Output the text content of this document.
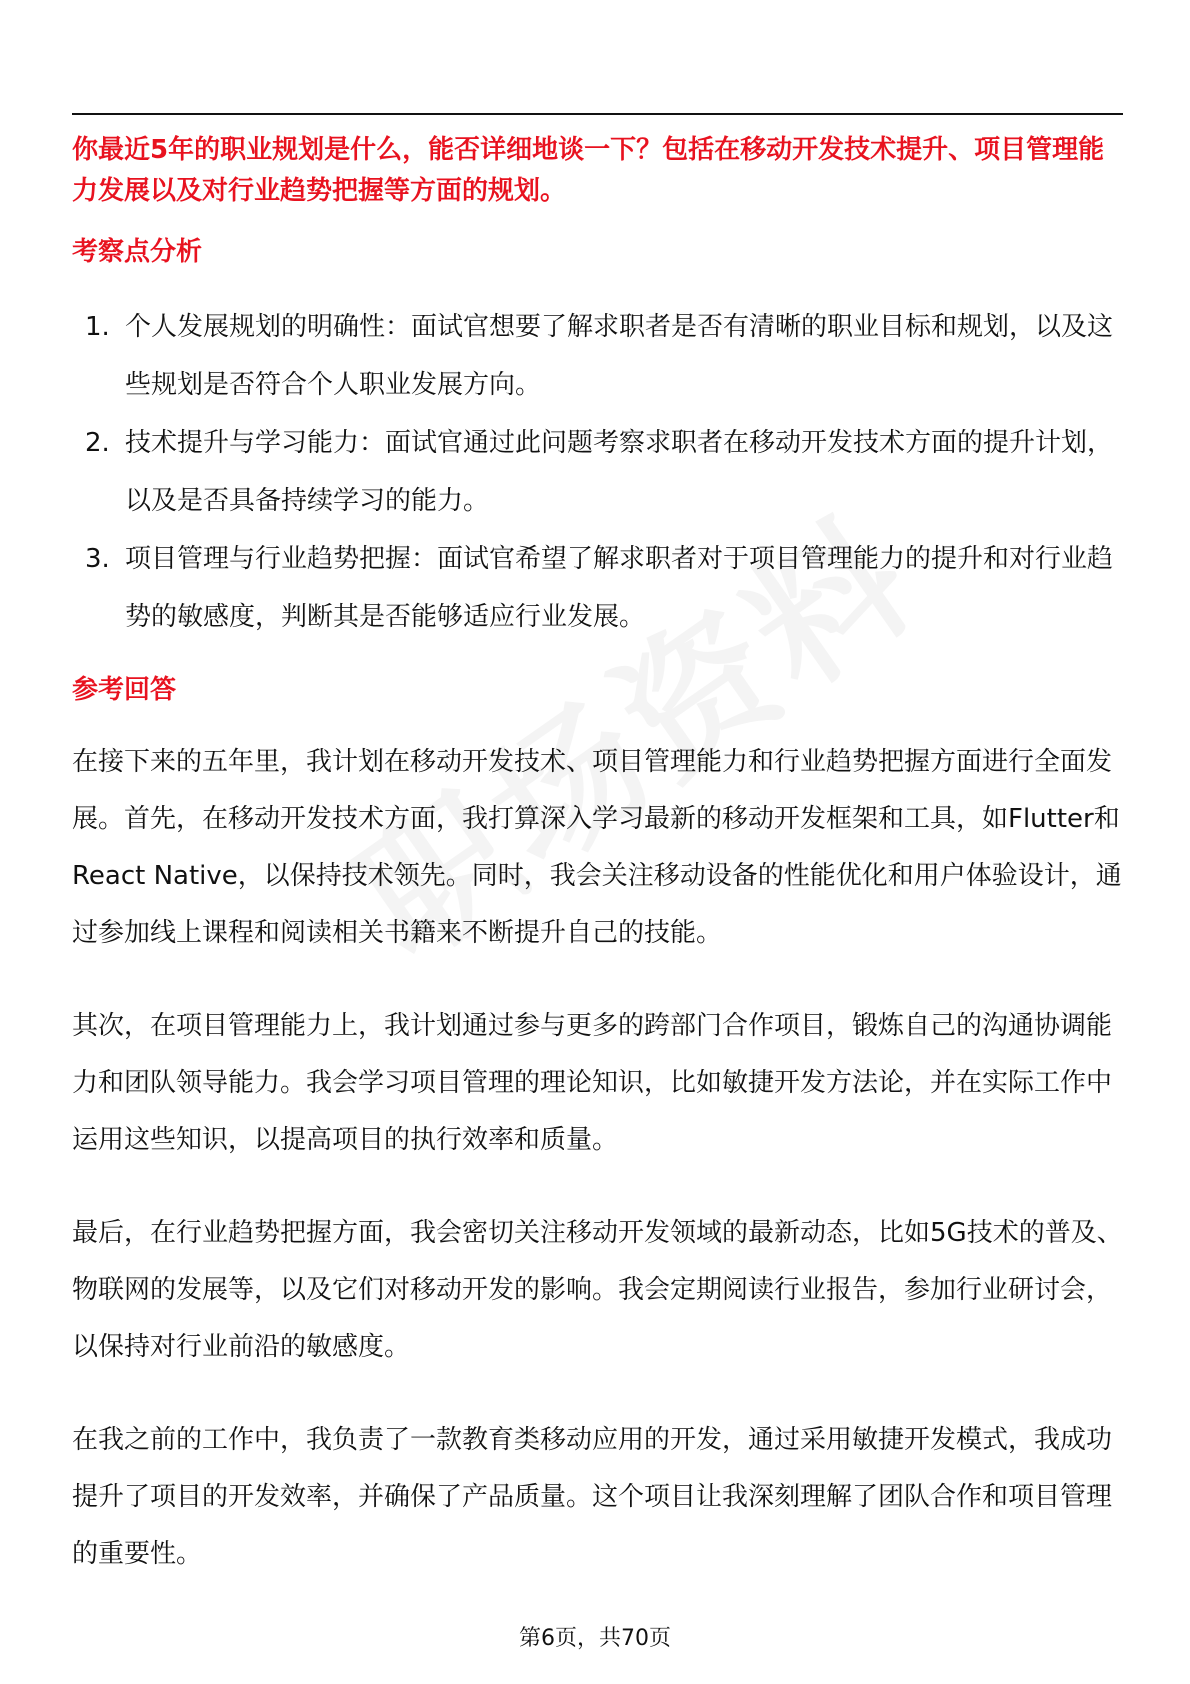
你最近5年的职业规划是什么，能否详细地谈一下？包括在移动开发技术提升、项目管理能力发展以及对行业趋势把握等方面的规划。

考察点分析
1. 个人发展规划的明确性：面试官想要了解求职者是否有清晰的职业目标和规划，以及这些规划是否符合个人职业发展方向。
2. 技术提升与学习能力：面试官通过此问题考察求职者在移动开发技术方面的提升计划，以及是否具备持续学习的能力。
3. 项目管理与行业趋势把握：面试官希望了解求职者对于项目管理能力的提升和对行业趋势的敏感度，判断其是否能够适应行业发展。
参考回答

在接下来的五年里，我计划在移动开发技术、项目管理能力和行业趋势把握方面进行全面发展。首先，在移动开发技术方面，我打算深入学习最新的移动开发框架和工具，如Flutter和React Native，以保持技术领先。同时，我会关注移动设备的性能优化和用户体验设计，通过参加线上课程和阅读相关书籍来不断提升自己的技能。

其次，在项目管理能力上，我计划通过参与更多的跨部门合作项目，锻炼自己的沟通协调能力和团队领导能力。我会学习项目管理的理论知识，比如敏捷开发方法论，并在实际工作中运用这些知识，以提高项目的执行效率和质量。

最后，在行业趋势把握方面，我会密切关注移动开发领域的最新动态，比如5G技术的普及、物联网的发展等，以及它们对移动开发的影响。我会定期阅读行业报告，参加行业研讨会，以保持对行业前沿的敏感度。

在我之前的工作中，我负责了一款教育类移动应用的开发，通过采用敏捷开发模式，我成功提升了项目的开发效率，并确保了产品质量。这个项目让我深刻理解了团队合作和项目管理的重要性。

第6页，共70页
